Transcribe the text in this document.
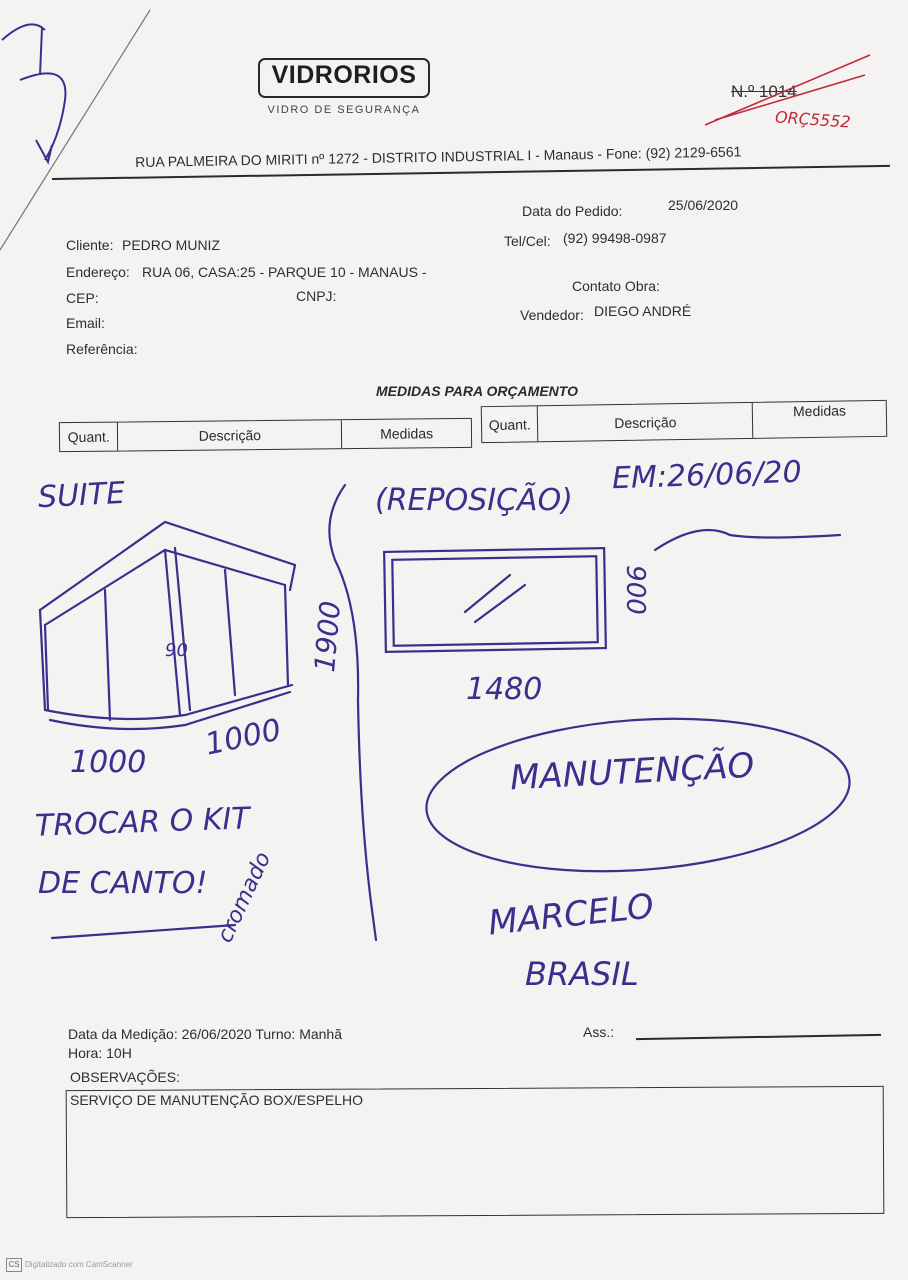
VIDRORIOS
VIDRO DE SEGURANÇA
N.º 1014
ORÇ5552
RUA PALMEIRA DO MIRITI nº 1272 - DISTRITO INDUSTRIAL I - Manaus - Fone: (92) 2129-6561
Data do Pedido:	25/06/2020
Cliente: PEDRO MUNIZ	Tel/Cel: (92) 99498-0987
Endereço: RUA 06, CASA:25 - PARQUE 10 - MANAUS -
CEP:	CNPJ:
Contato Obra:
Email:	Vendedor: DIEGO ANDRÉ
Referência:
MEDIDAS PARA ORÇAMENTO
Quant.	Descrição	Medidas
Quant.	Descrição
Medidas
SUITE	(REPOSIÇÃO)
EM:26/06/20
1900
900
1480
1000 1000
90
TROCAR O KIT
DE CANTO! cromado
MANUTENÇÃO
MARCELO
BRASIL
Data da Medição: 26/06/2020 Turno: Manhã
Hora: 10H
Ass.:
OBSERVAÇÕES:
SERVIÇO DE MANUTENÇÃO BOX/ESPELHO
CS Digitalizado com CamScanner
